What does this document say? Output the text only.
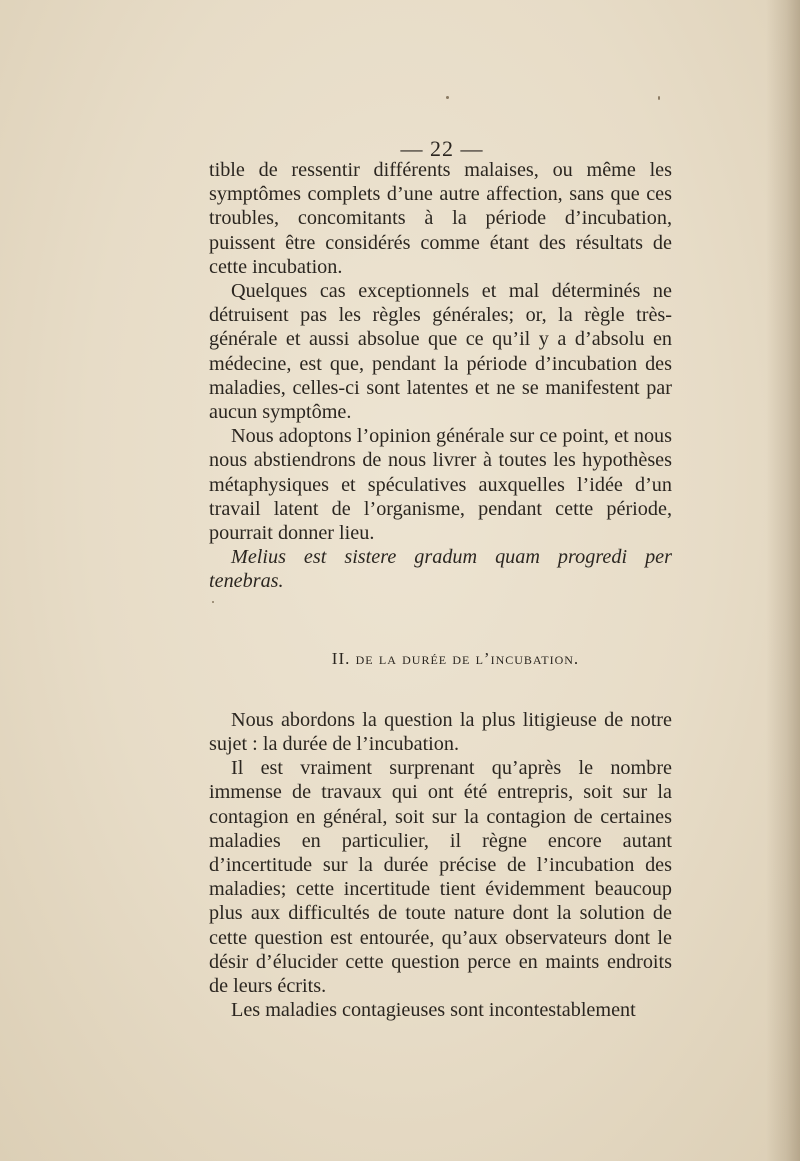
— 22 —

tible de ressentir différents malaises, ou même les symptômes complets d’une autre affection, sans que ces troubles, concomitants à la période d’incubation, puissent être considérés comme étant des résultats de cette incubation.

Quelques cas exceptionnels et mal déterminés ne détruisent pas les règles générales; or, la règle très-générale et aussi absolue que ce qu’il y a d’absolu en médecine, est que, pendant la période d’incubation des maladies, celles-ci sont latentes et ne se manifestent par aucun symptôme.

Nous adoptons l’opinion générale sur ce point, et nous nous abstiendrons de nous livrer à toutes les hypothèses métaphysiques et spéculatives auxquelles l’idée d’un travail latent de l’organisme, pendant cette période, pourrait donner lieu.

Melius est sistere gradum quam progredi per tenebras.

II. de la durée de l’incubation.

Nous abordons la question la plus litigieuse de notre sujet : la durée de l’incubation.

Il est vraiment surprenant qu’après le nombre immense de travaux qui ont été entrepris, soit sur la contagion en général, soit sur la contagion de certaines maladies en particulier, il règne encore autant d’incertitude sur la durée précise de l’incubation des maladies; cette incertitude tient évidemment beaucoup plus aux difficultés de toute nature dont la solution de cette question est entourée, qu’aux observateurs dont le désir d’élucider cette question perce en maints endroits de leurs écrits.

Les maladies contagieuses sont incontestablement
